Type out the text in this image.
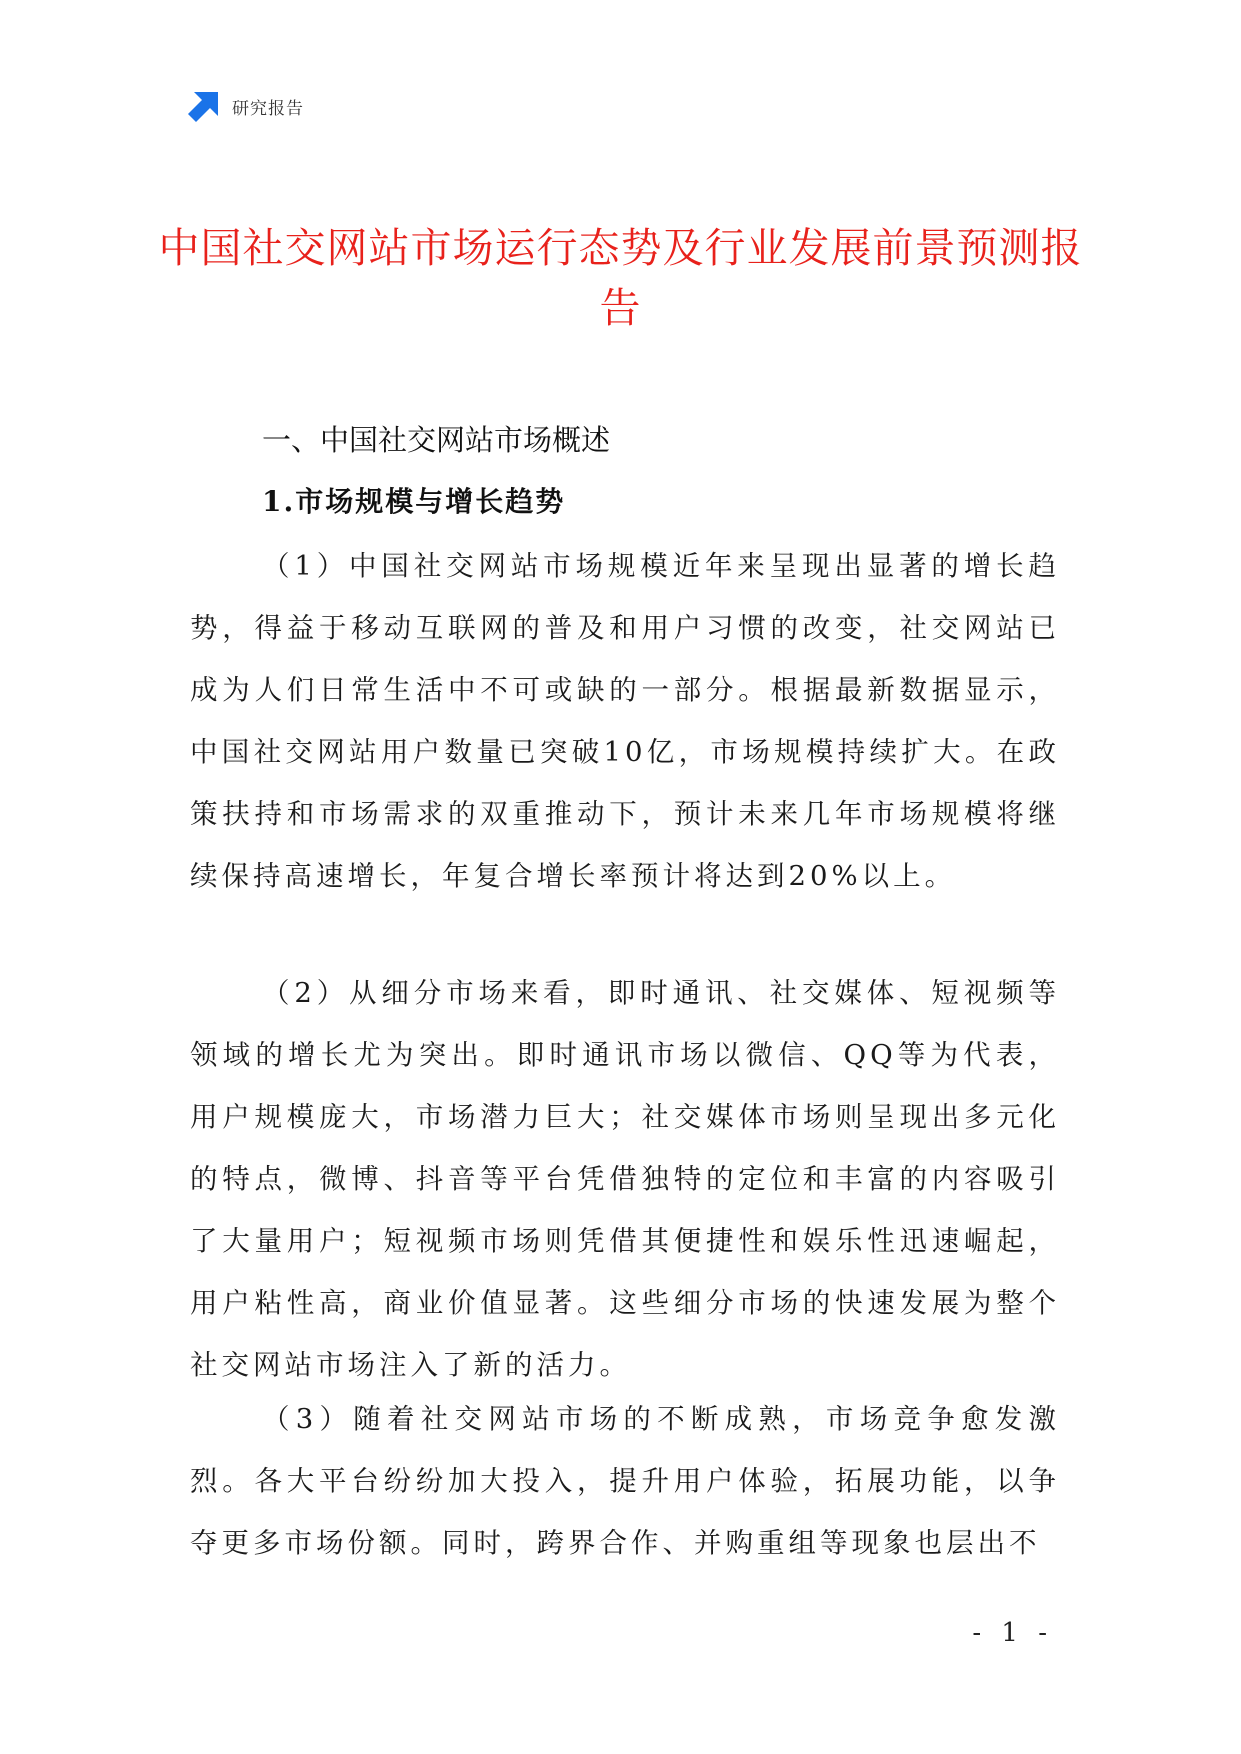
研究报告
中国社交网站市场运行态势及行业发展前景预测报告
一、中国社交网站市场概述
1.市场规模与增长趋势

（1）中国社交网站市场规模近年来呈现出显著的增长趋势，得益于移动互联网的普及和用户习惯的改变，社交网站已成为人们日常生活中不可或缺的一部分。根据最新数据显示，中国社交网站用户数量已突破10亿，市场规模持续扩大。在政策扶持和市场需求的双重推动下，预计未来几年市场规模将继续保持高速增长，年复合增长率预计将达到20%以上。

（2）从细分市场来看，即时通讯、社交媒体、短视频等领域的增长尤为突出。即时通讯市场以微信、QQ等为代表，用户规模庞大，市场潜力巨大；社交媒体市场则呈现出多元化的特点，微博、抖音等平台凭借独特的定位和丰富的内容吸引了大量用户；短视频市场则凭借其便捷性和娱乐性迅速崛起，用户粘性高，商业价值显著。这些细分市场的快速发展为整个社交网站市场注入了新的活力。

（3）随着社交网站市场的不断成熟，市场竞争愈发激烈。各大平台纷纷加大投入，提升用户体验，拓展功能，以争夺更多市场份额。同时，跨界合作、并购重组等现象也层出不

- 1 -
